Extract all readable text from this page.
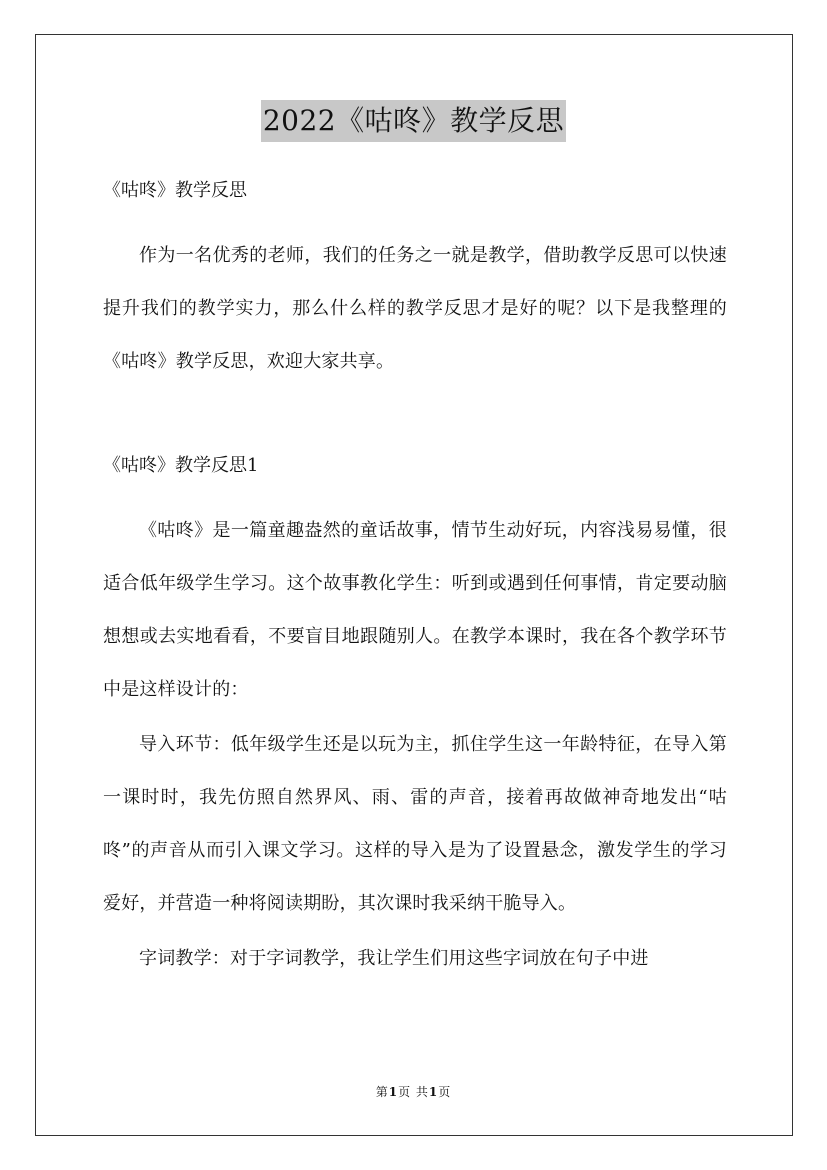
2022《咕咚》教学反思

《咕咚》教学反思

作为一名优秀的老师，我们的任务之一就是教学，借助教学反思可以快速提升我们的教学实力，那么什么样的教学反思才是好的呢？以下是我整理的《咕咚》教学反思，欢迎大家共享。

《咕咚》教学反思1

《咕咚》是一篇童趣盎然的童话故事，情节生动好玩，内容浅易易懂，很适合低年级学生学习。这个故事教化学生：听到或遇到任何事情，肯定要动脑想想或去实地看看，不要盲目地跟随别人。在教学本课时，我在各个教学环节中是这样设计的：

导入环节：低年级学生还是以玩为主，抓住学生这一年龄特征，在导入第一课时时，我先仿照自然界风、雨、雷的声音，接着再故做神奇地发出“咕咚”的声音从而引入课文学习。这样的导入是为了设置悬念，激发学生的学习爱好，并营造一种将阅读期盼，其次课时我采纳干脆导入。

字词教学：对于字词教学，我让学生们用这些字词放在句子中进

第1页 共1页
